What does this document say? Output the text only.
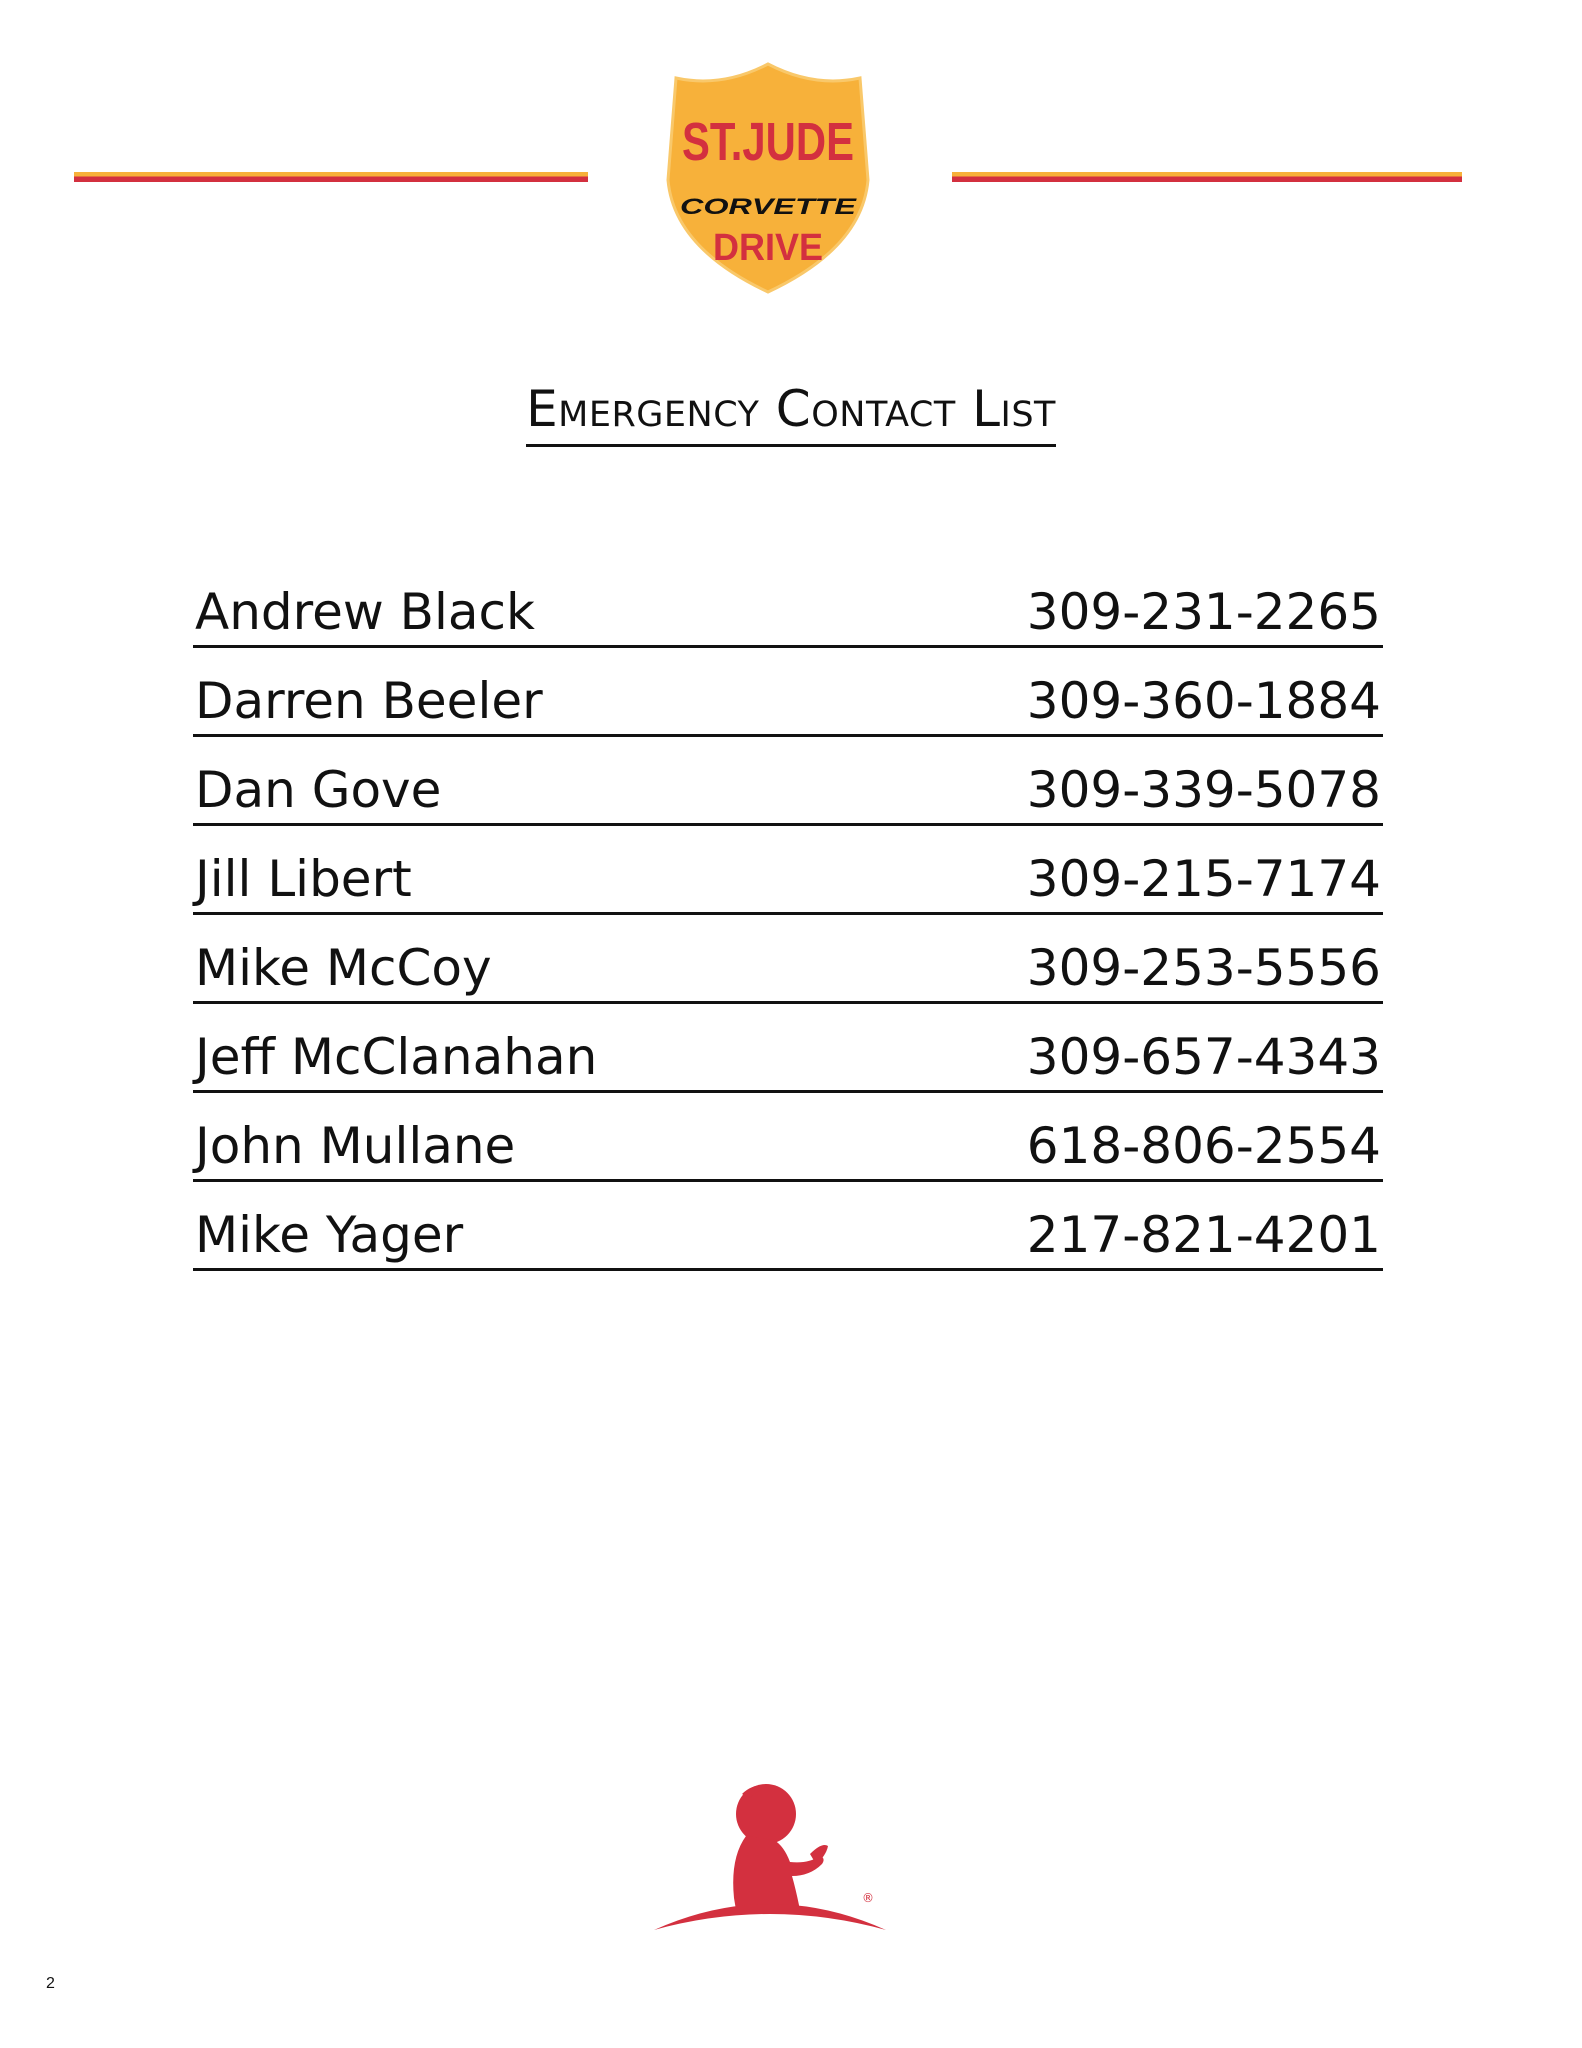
ST.JUDE
CORVETTE
DRIVE
Emergency Contact List
Andrew Black	309-231-2265
Darren Beeler	309-360-1884
Dan Gove	309-339-5078
Jill Libert	309-215-7174
Mike McCoy	309-253-5556
Jeff McClanahan	309-657-4343
John Mullane	618-806-2554
Mike Yager	217-821-4201
®
2
